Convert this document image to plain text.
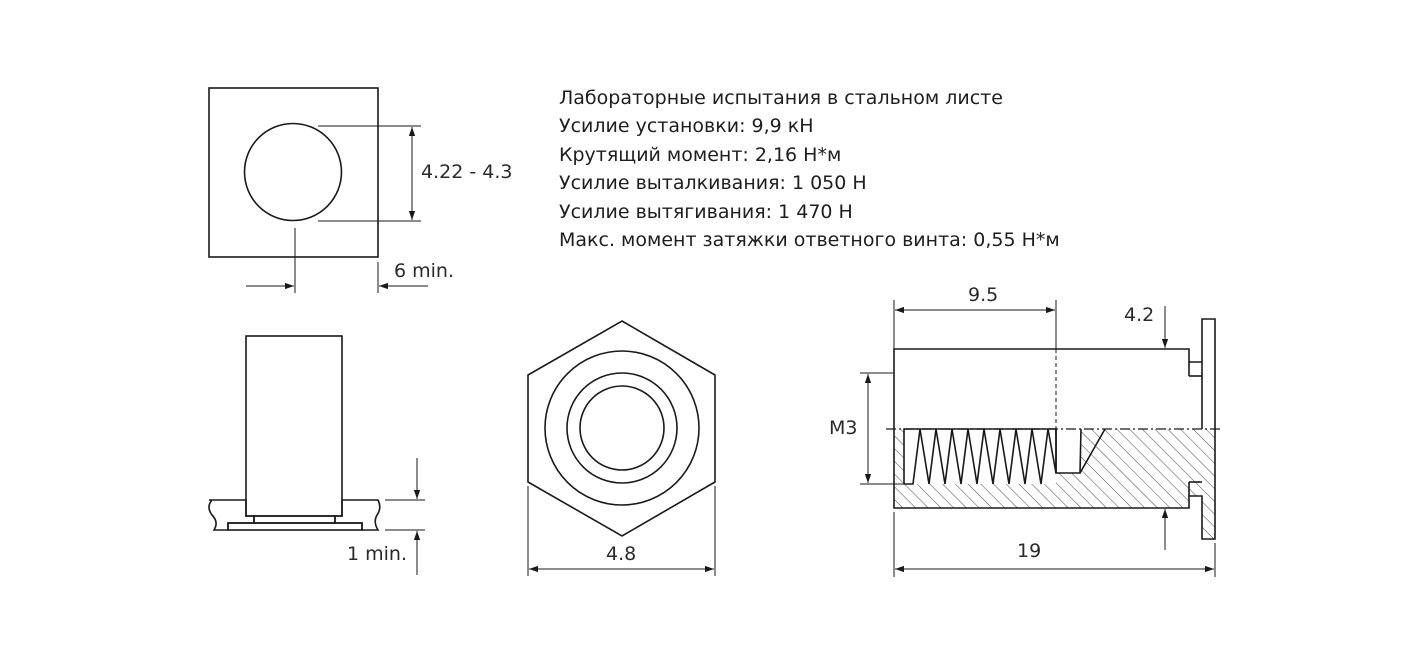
Лабораторные испытания в стальном листе
Усилие установки: 9,9 кН
Крутящий момент: 2,16 Н*м
Усилие выталкивания: 1 050 Н
Усилие вытягивания: 1 470 Н
Макс. момент затяжки ответного винта: 0,55 Н*м
4.22 - 4.3
6 min.
1 min.	4.8
9.5
4.2
M3
19
